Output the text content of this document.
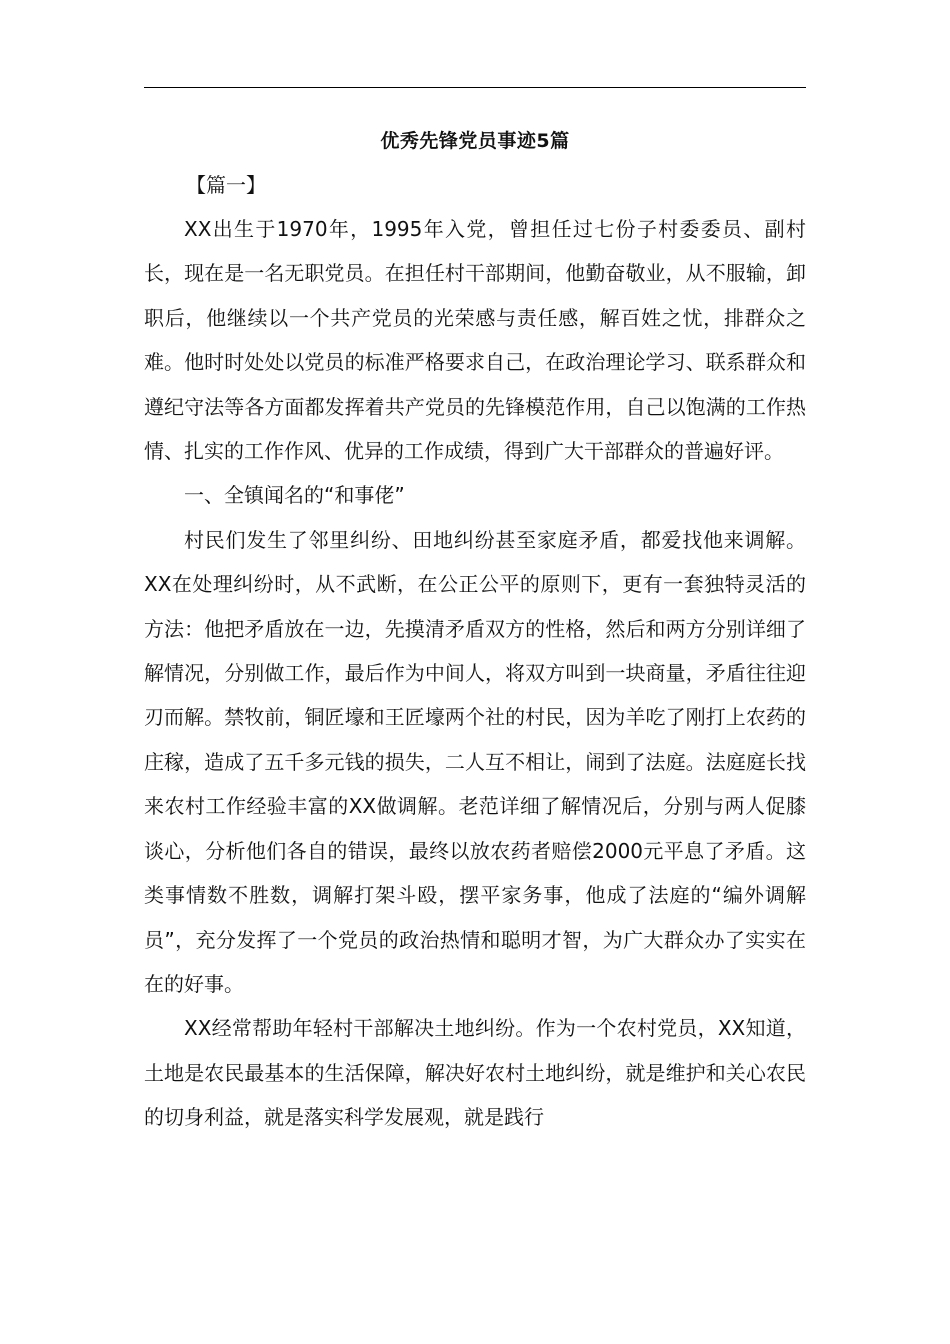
优秀先锋党员事迹5篇
【篇一】

XX出生于1970年，1995年入党，曾担任过七份子村委委员、副村长，现在是一名无职党员。在担任村干部期间，他勤奋敬业，从不服输，卸职后，他继续以一个共产党员的光荣感与责任感，解百姓之忧，排群众之难。他时时处处以党员的标准严格要求自己，在政治理论学习、联系群众和遵纪守法等各方面都发挥着共产党员的先锋模范作用，自己以饱满的工作热情、扎实的工作作风、优异的工作成绩，得到广大干部群众的普遍好评。

一、全镇闻名的“和事佬”

村民们发生了邻里纠纷、田地纠纷甚至家庭矛盾，都爱找他来调解。XX在处理纠纷时，从不武断，在公正公平的原则下，更有一套独特灵活的方法：他把矛盾放在一边，先摸清矛盾双方的性格，然后和两方分别详细了解情况，分别做工作，最后作为中间人，将双方叫到一块商量，矛盾往往迎刃而解。禁牧前，铜匠壕和王匠壕两个社的村民，因为羊吃了刚打上农药的庄稼，造成了五千多元钱的损失，二人互不相让，闹到了法庭。法庭庭长找来农村工作经验丰富的XX做调解。老范详细了解情况后，分别与两人促膝谈心，分析他们各自的错误，最终以放农药者赔偿2000元平息了矛盾。这类事情数不胜数，调解打架斗殴，摆平家务事，他成了法庭的“编外调解员”，充分发挥了一个党员的政治热情和聪明才智，为广大群众办了实实在在的好事。

XX经常帮助年轻村干部解决土地纠纷。作为一个农村党员，XX知道，土地是农民最基本的生活保障，解决好农村土地纠纷，就是维护和关心农民的切身利益，就是落实科学发展观，就是践行
